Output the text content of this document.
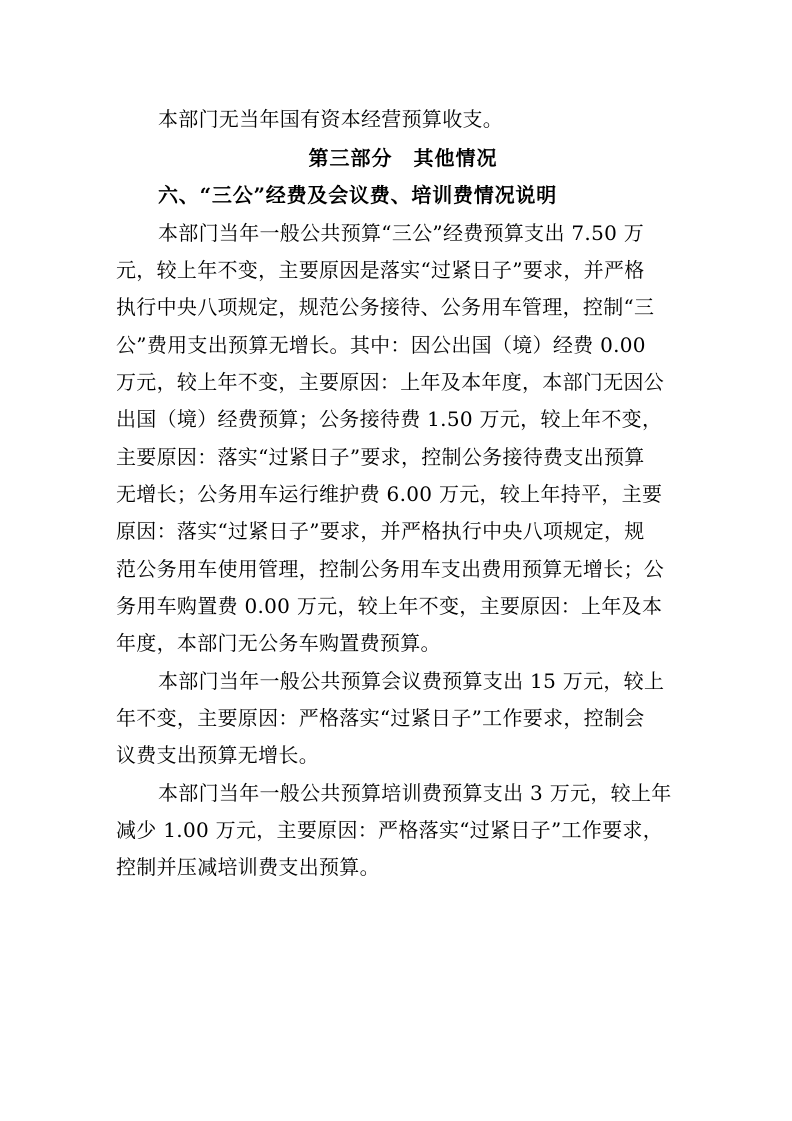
本部门无当年国有资本经营预算收支。
第三部分　其他情况
六、“三公”经费及会议费、培训费情况说明
本部门当年一般公共预算“三公”经费预算支出 7.50 万
元，较上年不变，主要原因是落实“过紧日子”要求，并严格
执行中央八项规定，规范公务接待、公务用车管理，控制“三
公”费用支出预算无增长。其中：因公出国（境）经费 0.00
万元，较上年不变，主要原因：上年及本年度，本部门无因公
出国（境）经费预算；公务接待费 1.50 万元，较上年不变，
主要原因：落实“过紧日子”要求，控制公务接待费支出预算
无增长；公务用车运行维护费 6.00 万元，较上年持平，主要
原因：落实“过紧日子”要求，并严格执行中央八项规定，规
范公务用车使用管理，控制公务用车支出费用预算无增长；公
务用车购置费 0.00 万元，较上年不变，主要原因：上年及本
年度，本部门无公务车购置费预算。
本部门当年一般公共预算会议费预算支出 15 万元，较上
年不变，主要原因：严格落实“过紧日子”工作要求，控制会
议费支出预算无增长。
本部门当年一般公共预算培训费预算支出 3 万元，较上年
减少 1.00 万元，主要原因：严格落实“过紧日子”工作要求，
控制并压减培训费支出预算。
